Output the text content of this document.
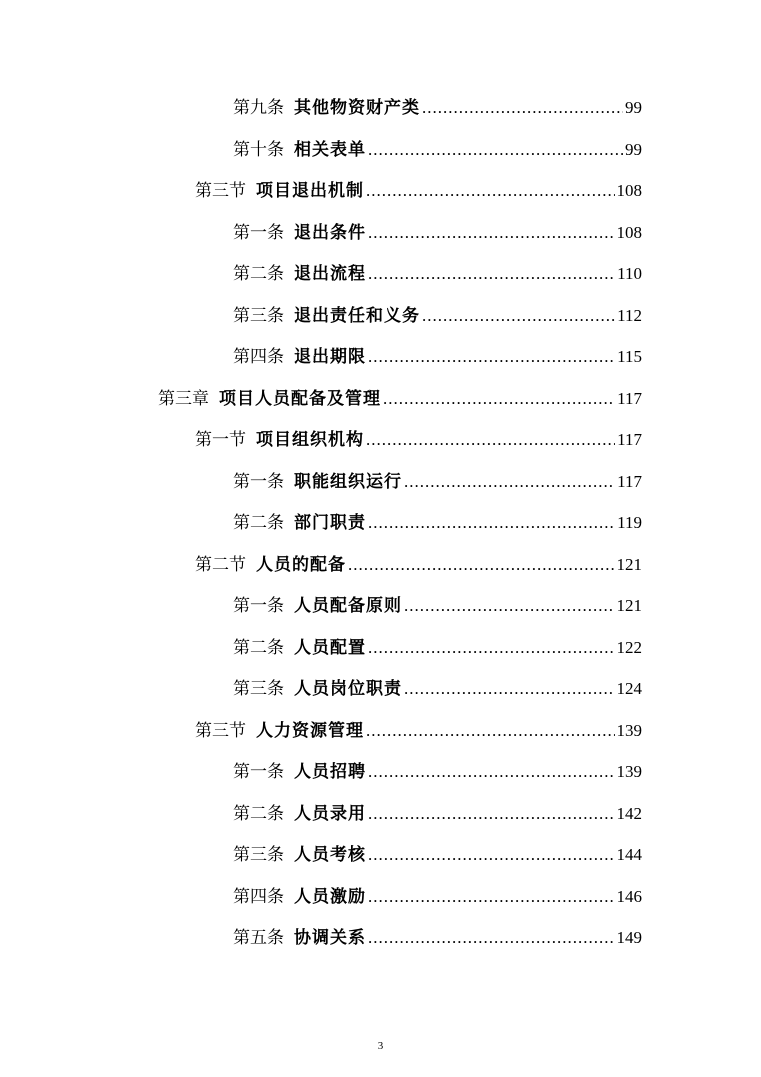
第九条 其他物资财产类 .....	99
第十条 相关表单 .....	99
第三节 项目退出机制 .....	108
第一条 退出条件 .....	108
第二条 退出流程 .....	110
第三条 退出责任和义务 .....	112
第四条 退出期限 .....	115
第三章 项目人员配备及管理 .....	117
第一节 项目组织机构 .....	117
第一条 职能组织运行 .....	117
第二条 部门职责 .....	119
第二节 人员的配备 .....	121
第一条 人员配备原则 .....	121
第二条 人员配置 .....	122
第三条 人员岗位职责 .....	124
第三节 人力资源管理 .....	139
第一条 人员招聘 .....	139
第二条 人员录用 .....	142
第三条 人员考核 .....	144
第四条 人员激励 .....	146
第五条 协调关系 .....	149
3
